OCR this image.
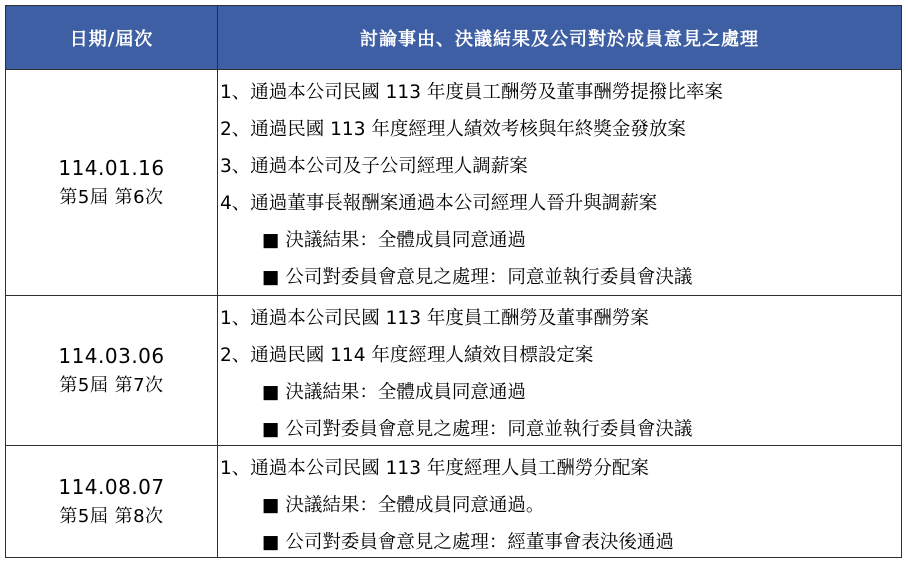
日期/屆次	討論事由、決議結果及公司對於成員意見之處理
114.01.16
第5屆 第6次
1、通過本公司民國 113 年度員工酬勞及董事酬勞提撥比率案
2、通過民國 113 年度經理人績效考核與年終獎金發放案
3、通過本公司及子公司經理人調薪案
4、通過董事長報酬案通過本公司經理人晉升與調薪案
■ 決議結果：全體成員同意通過
■ 公司對委員會意見之處理：同意並執行委員會決議
114.03.06
第5屆 第7次
1、通過本公司民國 113 年度員工酬勞及董事酬勞案
2、通過民國 114 年度經理人績效目標設定案
■ 決議結果：全體成員同意通過
■ 公司對委員會意見之處理：同意並執行委員會決議
114.08.07
第5屆 第8次
1、通過本公司民國 113 年度經理人員工酬勞分配案
■ 決議結果：全體成員同意通過。
■ 公司對委員會意見之處理：經董事會表決後通過
